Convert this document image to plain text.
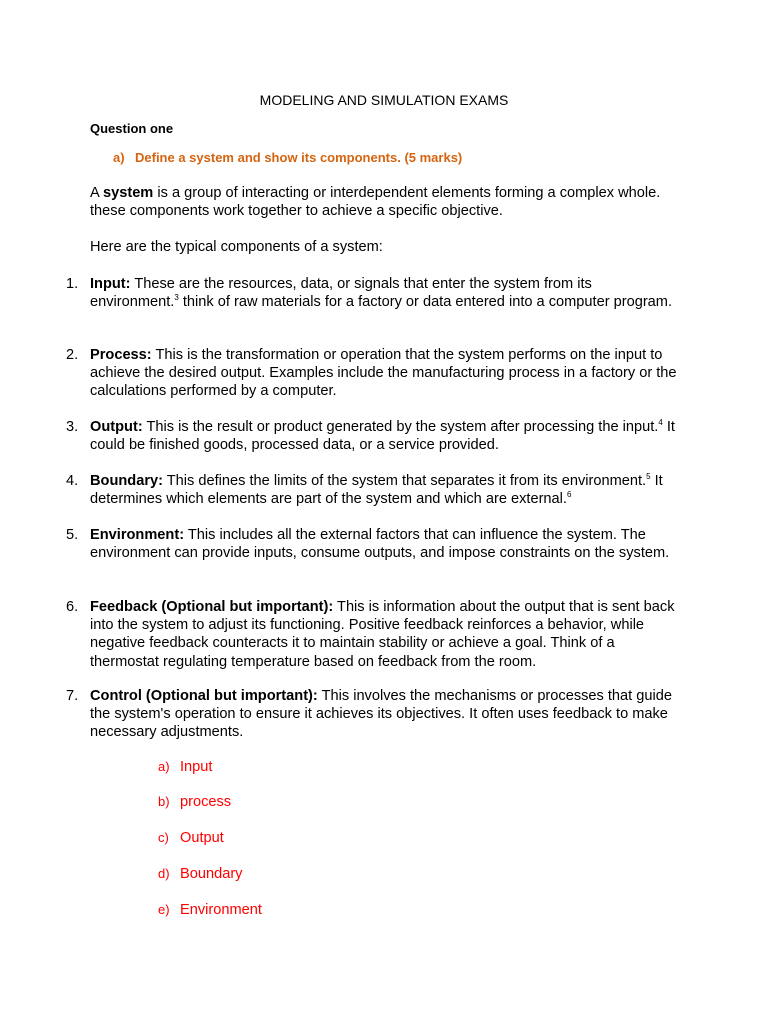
MODELING AND SIMULATION EXAMS
Question one
a) Define a system and show its components. (5 marks)
A system is a group of interacting or interdependent elements forming a complex whole. these components work together to achieve a specific objective.
Here are the typical components of a system:
1. Input: These are the resources, data, or signals that enter the system from its environment.$^3$ think of raw materials for a factory or data entered into a computer program.
2. Process: This is the transformation or operation that the system performs on the input to achieve the desired output. Examples include the manufacturing process in a factory or the calculations performed by a computer.
3. Output: This is the result or product generated by the system after processing the input.$^4$ It could be finished goods, processed data, or a service provided.
4. Boundary: This defines the limits of the system that separates it from its environment.$^5$ It determines which elements are part of the system and which are external.$^6$
5. Environment: This includes all the external factors that can influence the system. The environment can provide inputs, consume outputs, and impose constraints on the system.
6. Feedback (Optional but important): This is information about the output that is sent back into the system to adjust its functioning. Positive feedback reinforces a behavior, while negative feedback counteracts it to maintain stability or achieve a goal. Think of a thermostat regulating temperature based on feedback from the room.
7. Control (Optional but important): This involves the mechanisms or processes that guide the system's operation to ensure it achieves its objectives. It often uses feedback to make necessary adjustments.
a) Input
b) process
c) Output
d) Boundary
e) Environment
